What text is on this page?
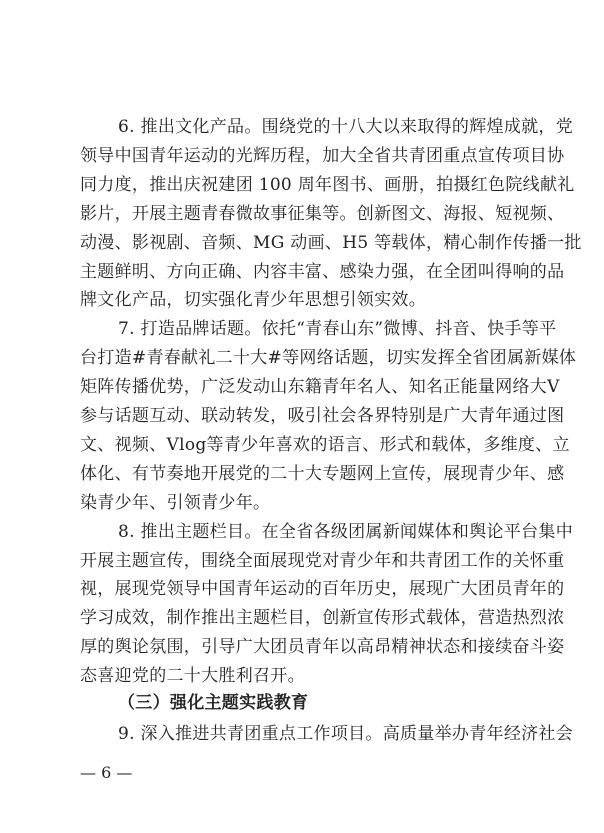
6. 推出文化产品。围绕党的十八大以来取得的辉煌成就，党
领导中国青年运动的光辉历程，加大全省共青团重点宣传项目协
同力度，推出庆祝建团 100 周年图书、画册，拍摄红色院线献礼
影片，开展主题青春微故事征集等。创新图文、海报、短视频、
动漫、影视剧、音频、MG 动画、H5 等载体，精心制作传播一批
主题鲜明、方向正确、内容丰富、感染力强，在全团叫得响的品
牌文化产品，切实强化青少年思想引领实效。
7. 打造品牌话题。依托“青春山东”微博、抖音、快手等平
台打造#青春献礼二十大#等网络话题，切实发挥全省团属新媒体
矩阵传播优势，广泛发动山东籍青年名人、知名正能量网络大V
参与话题互动、联动转发，吸引社会各界特别是广大青年通过图
文、视频、Vlog等青少年喜欢的语言、形式和载体，多维度、立
体化、有节奏地开展党的二十大专题网上宣传，展现青少年、感
染青少年、引领青少年。
8. 推出主题栏目。在全省各级团属新闻媒体和舆论平台集中
开展主题宣传，围绕全面展现党对青少年和共青团工作的关怀重
视，展现党领导中国青年运动的百年历史，展现广大团员青年的
学习成效，制作推出主题栏目，创新宣传形式载体，营造热烈浓
厚的舆论氛围，引导广大团员青年以高昂精神状态和接续奋斗姿
态喜迎党的二十大胜利召开。
（三）强化主题实践教育
9. 深入推进共青团重点工作项目。高质量举办青年经济社会
— 6 —
